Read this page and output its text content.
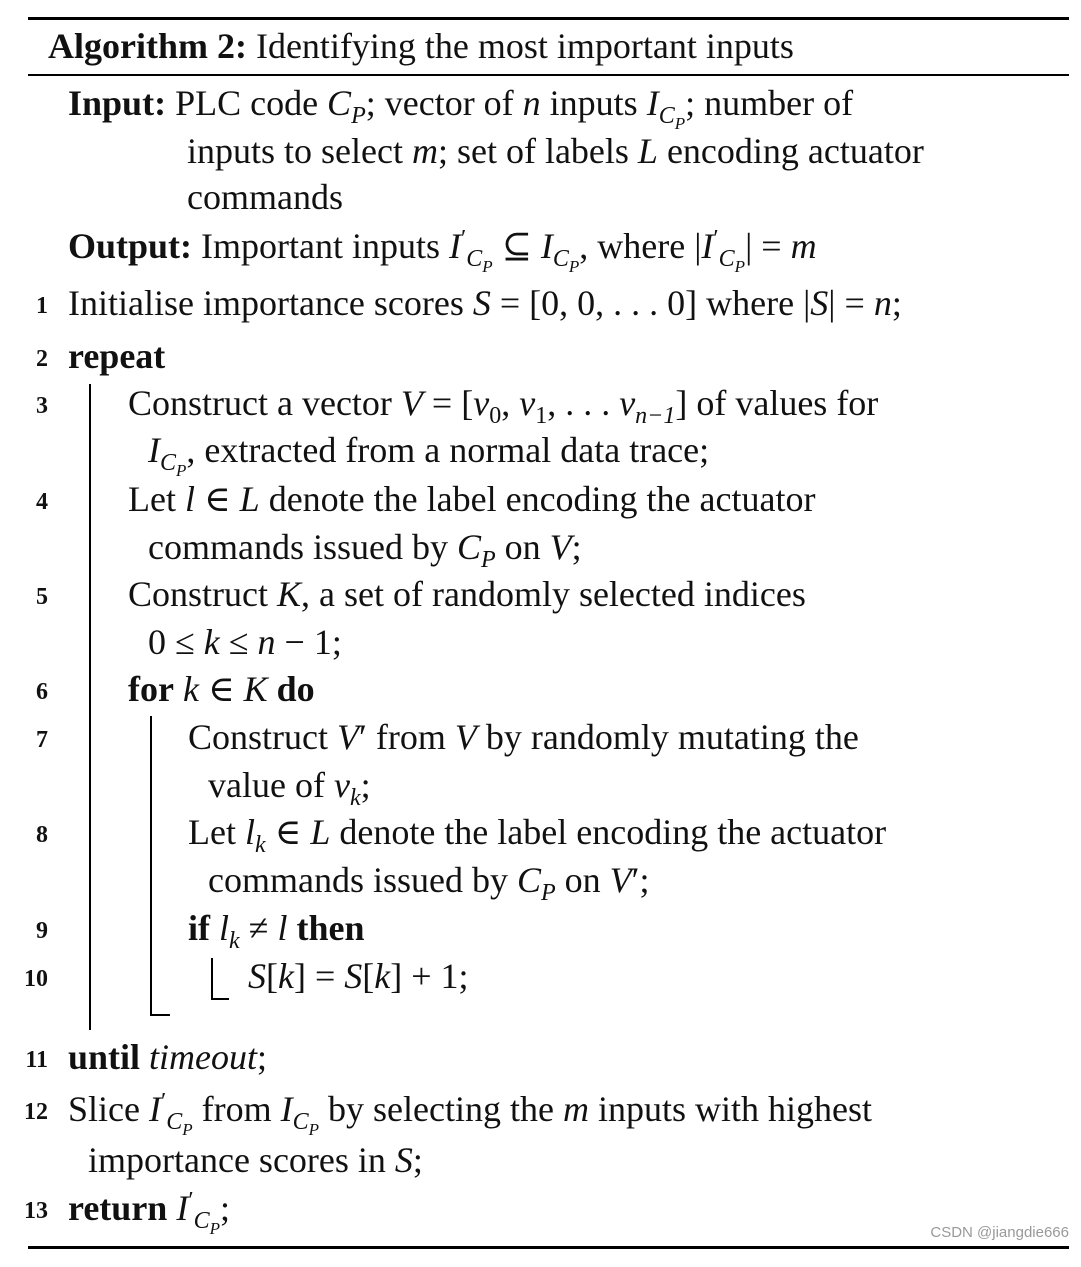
Algorithm 2: Identifying the most important inputs
Input: PLC code $C_P$; vector of n inputs $I_{C_P}$; number of
inputs to select m; set of labels L encoding actuator
commands
Output: Important inputs $I'_{C_P}$ ⊆ $I_{C_P}$, where $|I'_{C_P}| = m$
1 Initialise importance scores S = [0, 0, . . . 0] where |S| = n;
2 repeat
3 Construct a vector $V = [v_0$, $v_1$, . . . $v_{n-1}$] of values for
$I_{C_P}$, extracted from a normal data trace;
4 Let l ∈ L denote the label encoding the actuator
commands issued by $C_P$ on V;
5 Construct K, a set of randomly selected indices
0 ≤ k ≤ n − 1;
6 for k ∈ K do
7	Construct V′ from V by randomly mutating the
value of $v_k$;
8	Let $l_k$ ∈ L denote the label encoding the actuator
commands issued by $C_P$ on V′;
9	if $l_k \ne l$ then
10	S[k] = S[k] + 1;
11 until timeout;
12 Slice $I'_{C_P}$ from $I_{C_P}$ by selecting the m inputs with highest
importance scores in S;
13 return $I'_{C_P}$;
CSDN @jiangdie666
